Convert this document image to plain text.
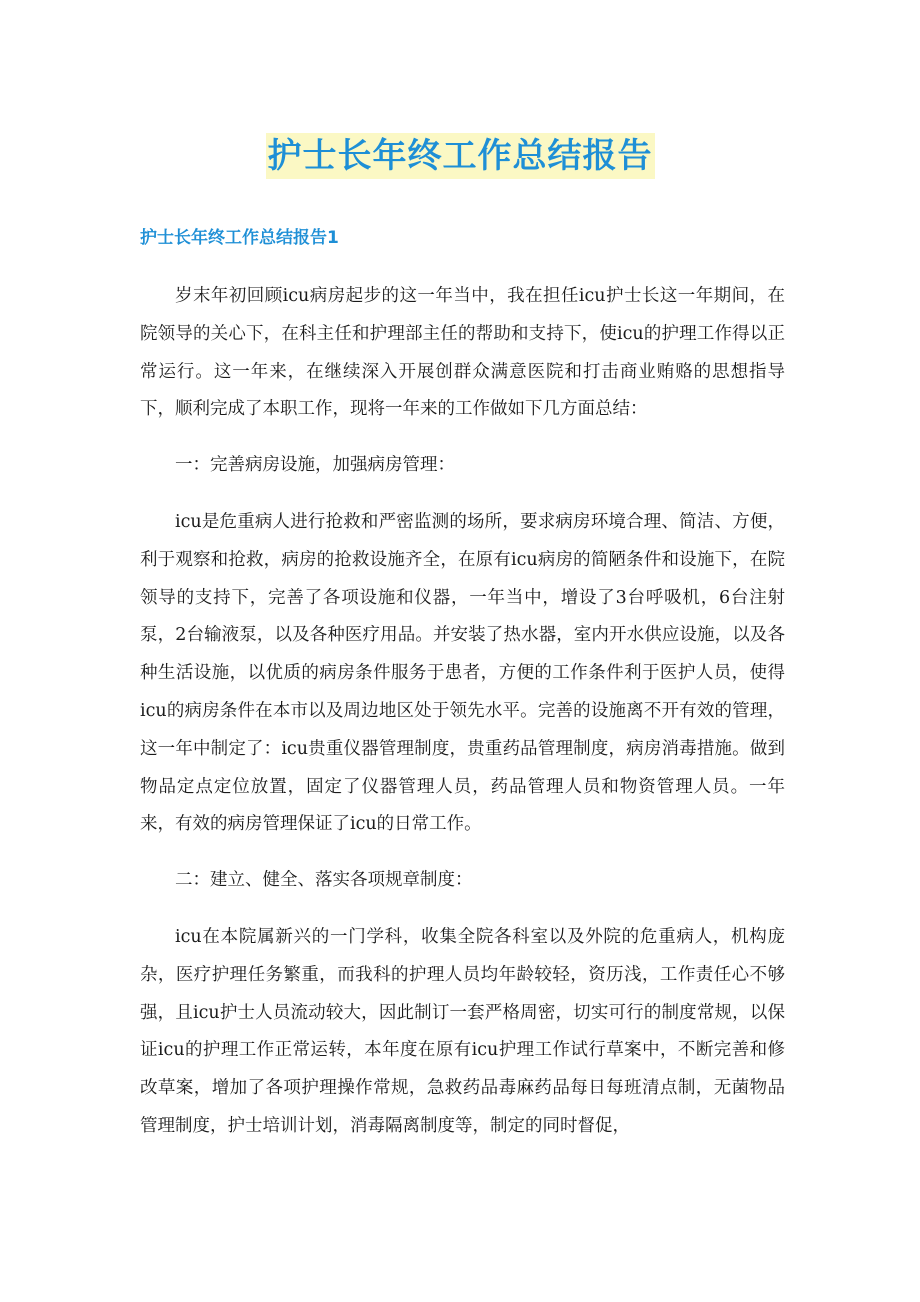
护士长年终工作总结报告
护士长年终工作总结报告1

岁末年初回顾icu病房起步的这一年当中，我在担任icu护士长这一年期间，在院领导的关心下，在科主任和护理部主任的帮助和支持下，使icu的护理工作得以正常运行。这一年来，在继续深入开展创群众满意医院和打击商业贿赂的思想指导下，顺利完成了本职工作，现将一年来的工作做如下几方面总结：

一：完善病房设施，加强病房管理：

icu是危重病人进行抢救和严密监测的场所，要求病房环境合理、简洁、方便，利于观察和抢救，病房的抢救设施齐全，在原有icu病房的简陋条件和设施下，在院领导的支持下，完善了各项设施和仪器，一年当中，增设了3台呼吸机，6台注射泵，2台输液泵，以及各种医疗用品。并安装了热水器，室内开水供应设施，以及各种生活设施，以优质的病房条件服务于患者，方便的工作条件利于医护人员，使得icu的病房条件在本市以及周边地区处于领先水平。完善的设施离不开有效的管理，这一年中制定了：icu贵重仪器管理制度，贵重药品管理制度，病房消毒措施。做到物品定点定位放置，固定了仪器管理人员，药品管理人员和物资管理人员。一年来，有效的病房管理保证了icu的日常工作。

二：建立、健全、落实各项规章制度：

icu在本院属新兴的一门学科，收集全院各科室以及外院的危重病人，机构庞杂，医疗护理任务繁重，而我科的护理人员均年龄较轻，资历浅，工作责任心不够强，且icu护士人员流动较大，因此制订一套严格周密，切实可行的制度常规，以保证icu的护理工作正常运转，本年度在原有icu护理工作试行草案中，不断完善和修改草案，增加了各项护理操作常规，急救药品毒麻药品每日每班清点制，无菌物品管理制度，护士培训计划，消毒隔离制度等，制定的同时督促，
